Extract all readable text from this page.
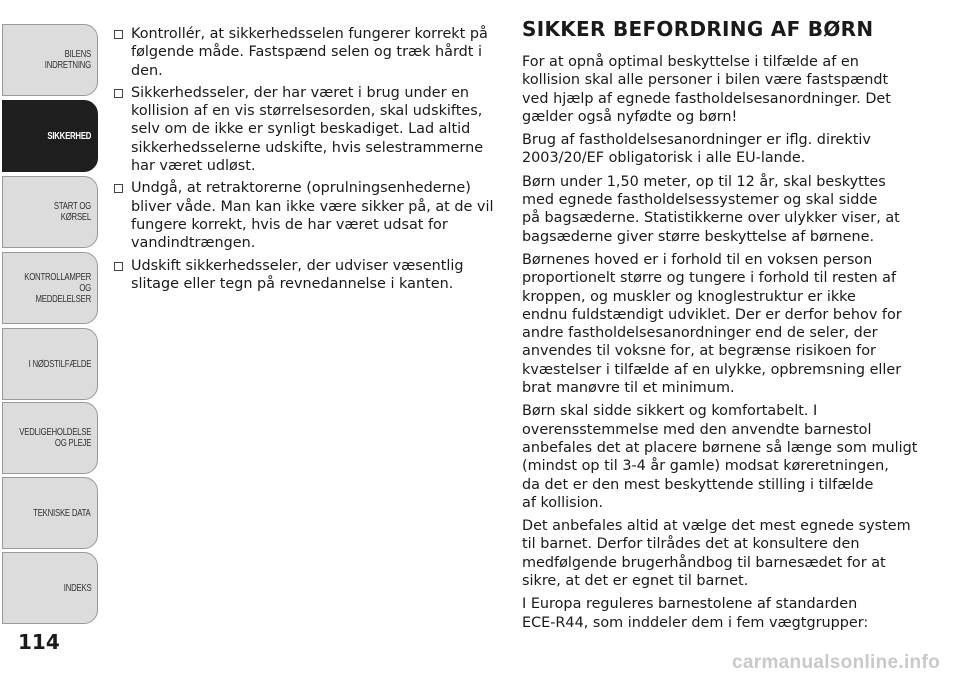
BILENS INDRETNING
SIKKERHED
START OG KØRSEL
KONTROLLAMPER
OG MEDDELELSER
I NØDSTILFÆLDE
VEDLIGEHOLDELSE
OG PLEJE
TEKNISKE DATA
INDEKS
114
Kontrollér, at sikkerhedsselen fungerer korrekt på følgende måde. Fastspænd selen og træk hårdt i den.
Sikkerhedsseler, der har været i brug under en kollision af en vis størrelsesorden, skal udskiftes, selv om de ikke er synligt beskadiget. Lad altid sikkerhedsselerne udskifte, hvis selestrammerne har været udløst.
Undgå, at retraktorerne (oprulningsenhederne) bliver våde. Man kan ikke være sikker på, at de vil fungere korrekt, hvis de har været udsat for vandindtrængen.
Udskift sikkerhedsseler, der udviser væsentlig slitage eller tegn på revnedannelse i kanten.
SIKKER BEFORDRING AF BØRN

For at opnå optimal beskyttelse i tilfælde af en
kollision skal alle personer i bilen være fastspændt
ved hjælp af egnede fastholdelsesanordninger. Det
gælder også nyfødte og børn!

Brug af fastholdelsesanordninger er iflg. direktiv
2003/20/EF obligatorisk i alle EU-lande.

Børn under 1,50 meter, op til 12 år, skal beskyttes
med egnede fastholdelsessystemer og skal sidde
på bagsæderne. Statistikkerne over ulykker viser, at
bagsæderne giver større beskyttelse af børnene.

Børnenes hoved er i forhold til en voksen person
proportionelt større og tungere i forhold til resten af
kroppen, og muskler og knoglestruktur er ikke
endnu fuldstændigt udviklet. Der er derfor behov for
andre fastholdelsesanordninger end de seler, der
anvendes til voksne for, at begrænse risikoen for
kvæstelser i tilfælde af en ulykke, opbremsning eller
brat manøvre til et minimum.

Børn skal sidde sikkert og komfortabelt. I
overensstemmelse med den anvendte barnestol
anbefales det at placere børnene så længe som muligt
(mindst op til 3-4 år gamle) modsat køreretningen,
da det er den mest beskyttende stilling i tilfælde
af kollision.

Det anbefales altid at vælge det mest egnede system
til barnet. Derfor tilrådes det at konsultere den
medfølgende brugerhåndbog til barnesædet for at
sikre, at det er egnet til barnet.

I Europa reguleres barnestolene af standarden
ECE-R44, som inddeler dem i fem vægtgrupper:

carmanualsonline.info
